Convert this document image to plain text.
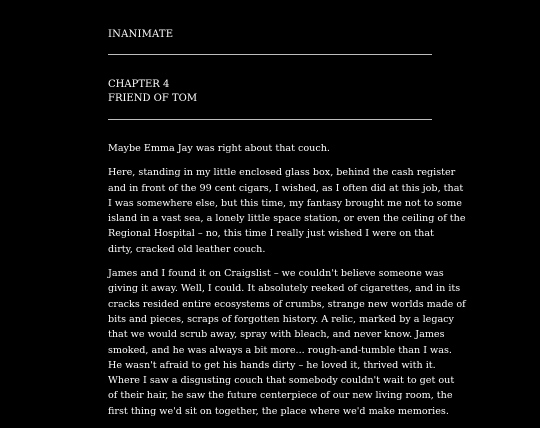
INANIMATE
CHAPTER 4
FRIEND OF TOM

Maybe Emma Jay was right about that couch.

Here, standing in my little enclosed glass box, behind the cash register
and in front of the 99 cent cigars, I wished, as I often did at this job, that
I was somewhere else, but this time, my fantasy brought me not to some
island in a vast sea, a lonely little space station, or even the ceiling of the
Regional Hospital – no, this time I really just wished I were on that
dirty, cracked old leather couch.

James and I found it on Craigslist – we couldn't believe someone was
giving it away. Well, I could. It absolutely reeked of cigarettes, and in its
cracks resided entire ecosystems of crumbs, strange new worlds made of
bits and pieces, scraps of forgotten history. A relic, marked by a legacy
that we would scrub away, spray with bleach, and never know. James
smoked, and he was always a bit more... rough-and-tumble than I was.
He wasn't afraid to get his hands dirty – he loved it, thrived with it.
Where I saw a disgusting couch that somebody couldn't wait to get out
of their hair, he saw the future centerpiece of our new living room, the
first thing we'd sit on together, the place where we'd make memories.
